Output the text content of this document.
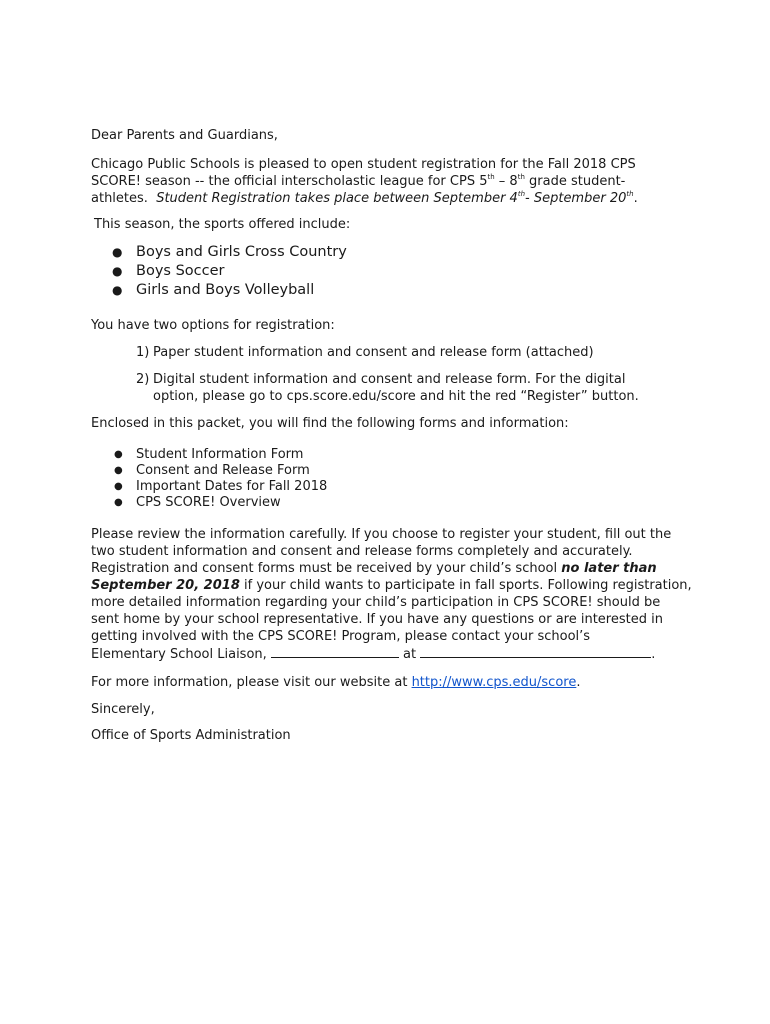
Dear Parents and Guardians,
Chicago Public Schools is pleased to open student registration for the Fall 2018 CPS
SCORE! season -- the official interscholastic league for CPS 5th – 8th grade student-
athletes.  Student Registration takes place between September 4th- September 20th.
This season, the sports offered include:
● Boys and Girls Cross Country
● Boys Soccer
● Girls and Boys Volleyball
You have two options for registration:
1) Paper student information and consent and release form (attached)
2) Digital student information and consent and release form. For the digital
option, please go to cps.score.edu/score and hit the red “Register” button.
Enclosed in this packet, you will find the following forms and information:
● Student Information Form
● Consent and Release Form
● Important Dates for Fall 2018
● CPS SCORE! Overview
Please review the information carefully. If you choose to register your student, fill out the
two student information and consent and release forms completely and accurately.
Registration and consent forms must be received by your child’s school no later than
September 20, 2018 if your child wants to participate in fall sports. Following registration,
more detailed information regarding your child’s participation in CPS SCORE! should be
sent home by your school representative. If you have any questions or are interested in
getting involved with the CPS SCORE! Program, please contact your school’s
Elementary School Liaison,	at	.
For more information, please visit our website at http://www.cps.edu/score.
Sincerely,
Office of Sports Administration
